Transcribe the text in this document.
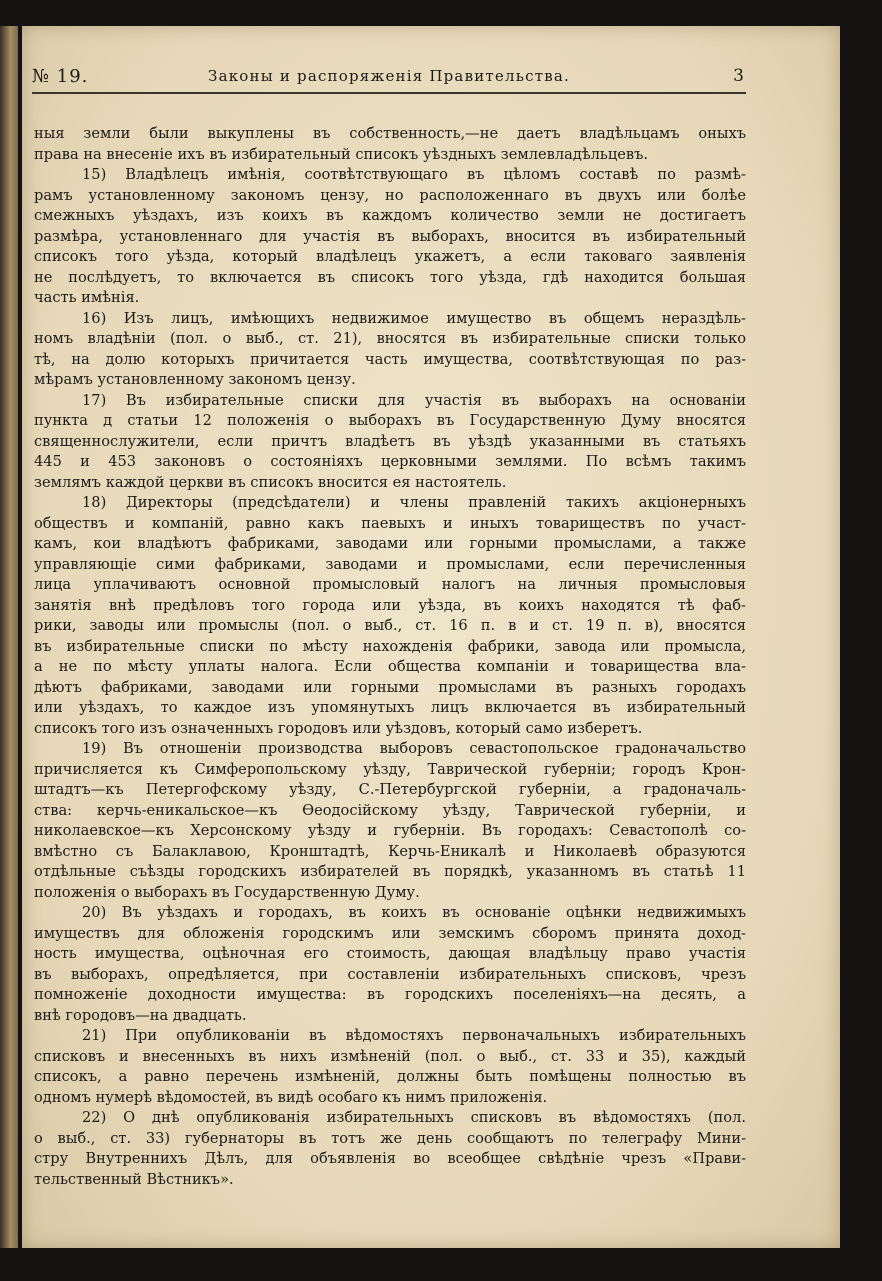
№ 19.	Законы и распоряженія Правительства.	3
ныя земли были выкуплены въ собственность,—не даетъ владѣльцамъ оныхъ
права на внесеніе ихъ въ избирательный списокъ уѣздныхъ землевладѣльцевъ.
15) Владѣлецъ имѣнія, соотвѣтствующаго въ цѣломъ составѣ по размѣ-
рамъ установленному закономъ цензу, но расположеннаго въ двухъ или болѣе
смежныхъ уѣздахъ, изъ коихъ въ каждомъ количество земли не достигаетъ
размѣра, установленнаго для участія въ выборахъ, вносится въ избирательный
списокъ того уѣзда, который владѣлецъ укажетъ, а если таковаго заявленія
не послѣдуетъ, то включается въ списокъ того уѣзда, гдѣ находится большая
часть имѣнія.
16) Изъ лицъ, имѣющихъ недвижимое имущество въ общемъ нераздѣль-
номъ владѣніи (пол. о выб., ст. 21), вносятся въ избирательные списки только
тѣ, на долю которыхъ причитается часть имущества, соотвѣтствующая по раз-
мѣрамъ установленному закономъ цензу.
17) Въ избирательные списки для участія въ выборахъ на основаніи
пункта д статьи 12 положенія о выборахъ въ Государственную Думу вносятся
священнослужители, если причтъ владѣетъ въ уѣздѣ указанными въ статьяхъ
445 и 453 законовъ о состояніяхъ церковными землями. По всѣмъ такимъ
землямъ каждой церкви въ списокъ вносится ея настоятель.
18) Директоры (предсѣдатели) и члены правленій такихъ акціонерныхъ
обществъ и компаній, равно какъ паевыхъ и иныхъ товариществъ по участ-
камъ, кои владѣютъ фабриками, заводами или горными промыслами, а также
управляющіе сими фабриками, заводами и промыслами, если перечисленныя
лица уплачиваютъ основной промысловый налогъ на личныя промысловыя
занятія внѣ предѣловъ того города или уѣзда, въ коихъ находятся тѣ фаб-
рики, заводы или промыслы (пол. о выб., ст. 16 п. в и ст. 19 п. в), вносятся
въ избирательные списки по мѣсту нахожденія фабрики, завода или промысла,
а не по мѣсту уплаты налога. Если общества компаніи и товарищества вла-
дѣютъ фабриками, заводами или горными промыслами въ разныхъ городахъ
или уѣздахъ, то каждое изъ упомянутыхъ лицъ включается въ избирательный
списокъ того изъ означенныхъ городовъ или уѣздовъ, который само изберетъ.
19) Въ отношеніи производства выборовъ севастопольское градоначальство
причисляется къ Симферопольскому уѣзду, Таврической губерніи; городъ Крон-
штадтъ—къ Петергофскому уѣзду, С.-Петербургской губерніи, а градоначаль-
ства: керчь-еникальское—къ Ѳеодосійскому уѣзду, Таврической губерніи, и
николаевское—къ Херсонскому уѣзду и губерніи. Въ городахъ: Севастополѣ со-
вмѣстно съ Балаклавою, Кронштадтѣ, Керчь-Еникалѣ и Николаевѣ образуются
отдѣльные съѣзды городскихъ избирателей въ порядкѣ, указанномъ въ статьѣ 11
положенія о выборахъ въ Государственную Думу.
20) Въ уѣздахъ и городахъ, въ коихъ въ основаніе оцѣнки недвижимыхъ
имуществъ для обложенія городскимъ или земскимъ сборомъ принята доход-
ность имущества, оцѣночная его стоимость, дающая владѣльцу право участія
въ выборахъ, опредѣляется, при составленіи избирательныхъ списковъ, чрезъ
помноженіе доходности имущества: въ городскихъ поселеніяхъ—на десять, а
внѣ городовъ—на двадцать.
21) При опубликованіи въ вѣдомостяхъ первоначальныхъ избирательныхъ
списковъ и внесенныхъ въ нихъ измѣненій (пол. о выб., ст. 33 и 35), каждый
списокъ, а равно перечень измѣненій, должны быть помѣщены полностью въ
одномъ нумерѣ вѣдомостей, въ видѣ особаго къ нимъ приложенія.
22) О днѣ опубликованія избирательныхъ списковъ въ вѣдомостяхъ (пол.
о выб., ст. 33) губернаторы въ тотъ же день сообщаютъ по телеграфу Мини-
стру Внутреннихъ Дѣлъ, для объявленія во всеобщее свѣдѣніе чрезъ «Прави-
тельственный Вѣстникъ».
